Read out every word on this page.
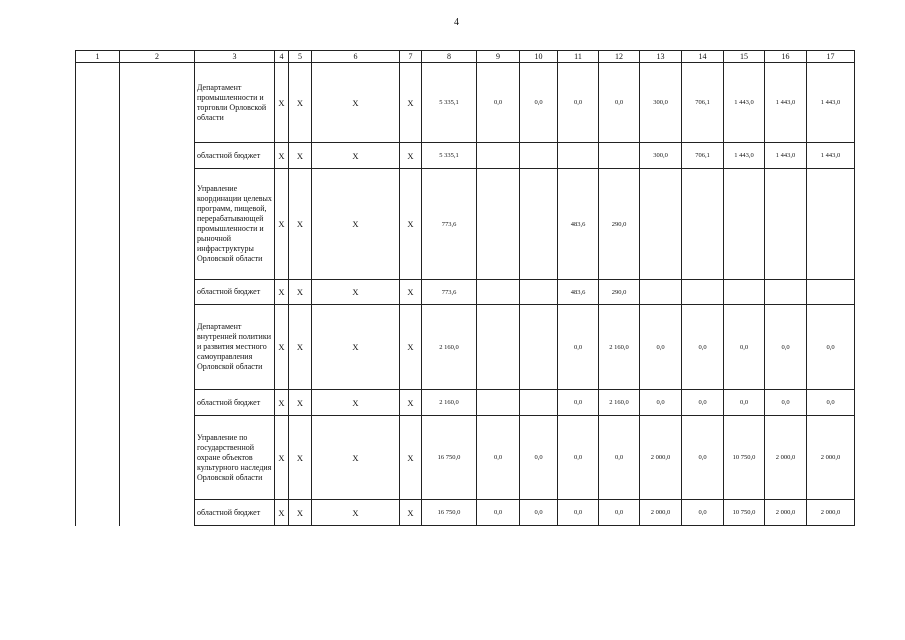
4
1	2	3	4	5	6	7	8	9	10	11	12	13	14	15	16	17
		Департамент промышленности и торговли Орловской области	X	X	X	X	5 335,1	0,0	0,0	0,0	0,0	300,0	706,1	1 443,0	1 443,0	1 443,0
		областной бюджет	X	X	X	X	5 335,1					300,0	706,1	1 443,0	1 443,0	1 443,0
		Управление координации целевых программ, пищевой, перерабатывающей промышленности и рыночной инфраструктуры Орловской области	X	X	X	X	773,6			483,6	290,0					
		областной бюджет	X	X	X	X	773,6			483,6	290,0					
		Департамент внутренней политики и развития местного самоуправления Орловской области	X	X	X	X	2 160,0			0,0	2 160,0	0,0	0,0	0,0	0,0	0,0
		областной бюджет	X	X	X	X	2 160,0			0,0	2 160,0	0,0	0,0	0,0	0,0	0,0
		Управление по государственной охране объектов культурного наследия Орловской области	X	X	X	X	16 750,0	0,0	0,0	0,0	0,0	2 000,0	0,0	10 750,0	2 000,0	2 000,0
		областной бюджет	X	X	X	X	16 750,0	0,0	0,0	0,0	0,0	2 000,0	0,0	10 750,0	2 000,0	2 000,0
